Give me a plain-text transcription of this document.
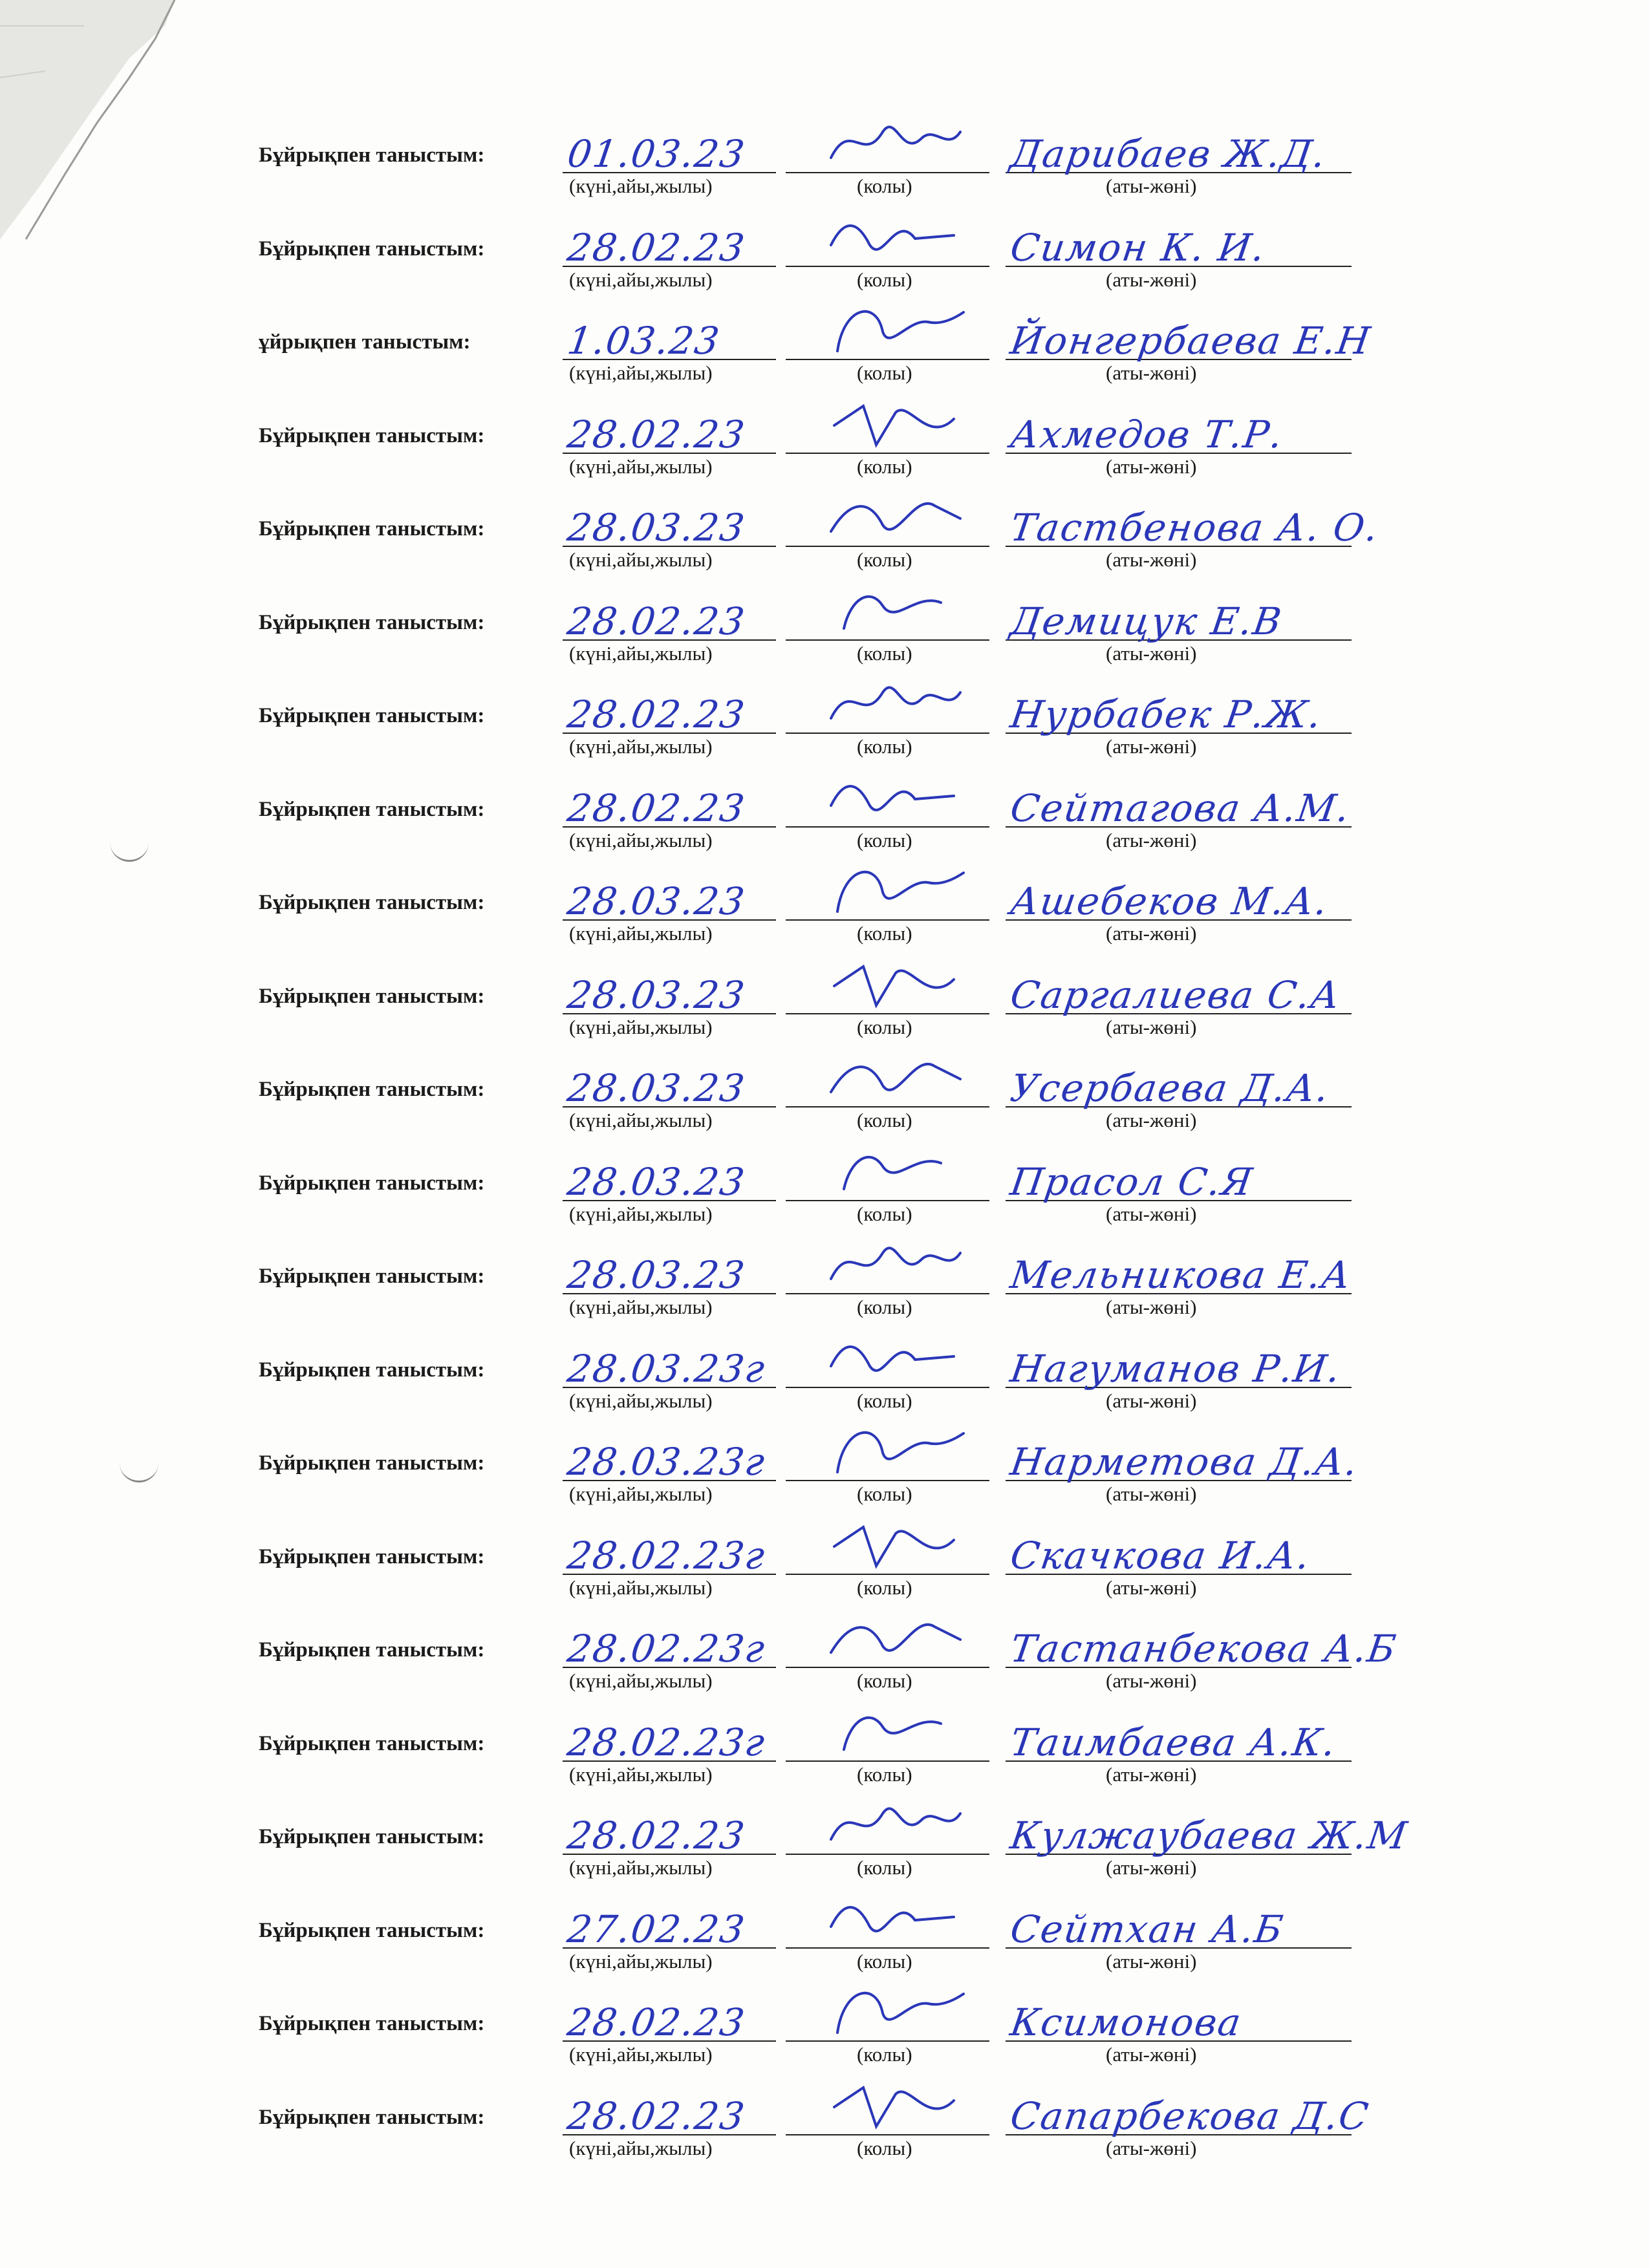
Бұйрықпен таныстым: 01.03.23	Дарибаев Ж.Д.
(күні,айы,жылы)	(колы)	(аты-жөні)
Бұйрықпен таныстым: 28.02.23	Симон К. И.
(күні,айы,жылы)	(колы)	(аты-жөні)
ұйрықпен таныстым:	1.03.23	Йонгербаева Е.Н
(күні,айы,жылы)	(колы)	(аты-жөні)
Бұйрықпен таныстым: 28.02.23	Ахмедов Т.Р.
(күні,айы,жылы)	(колы)	(аты-жөні)
Бұйрықпен таныстым: 28.03.23	Тастбенова А. О.
(күні,айы,жылы)	(колы)	(аты-жөні)
Бұйрықпен таныстым: 28.02.23	Демицук Е.В
(күні,айы,жылы)	(колы)	(аты-жөні)
Бұйрықпен таныстым: 28.02.23	Нурбабек Р.Ж.
(күні,айы,жылы)	(колы)	(аты-жөні)
Бұйрықпен таныстым: 28.02.23	Сейтагова А.М.
(күні,айы,жылы)	(колы)	(аты-жөні)
Бұйрықпен таныстым: 28.03.23	Ашебеков М.А.
(күні,айы,жылы)	(колы)	(аты-жөні)
Бұйрықпен таныстым: 28.03.23	Саргалиева С.А
(күні,айы,жылы)	(колы)	(аты-жөні)
Бұйрықпен таныстым: 28.03.23	Усербаева Д.А.
(күні,айы,жылы)	(колы)	(аты-жөні)
Бұйрықпен таныстым: 28.03.23	Прасол С.Я
(күні,айы,жылы)	(колы)	(аты-жөні)
Бұйрықпен таныстым: 28.03.23	Мельникова Е.А
(күні,айы,жылы)	(колы)	(аты-жөні)
Бұйрықпен таныстым: 28.03.23г	Нагуманов Р.И.
(күні,айы,жылы)	(колы)	(аты-жөні)
Бұйрықпен таныстым: 28.03.23г	Нарметова Д.А.
(күні,айы,жылы)	(колы)	(аты-жөні)
Бұйрықпен таныстым: 28.02.23г	Скачкова И.А.
(күні,айы,жылы)	(колы)	(аты-жөні)
Бұйрықпен таныстым: 28.02.23г	Тастанбекова А.Б
(күні,айы,жылы)	(колы)	(аты-жөні)
Бұйрықпен таныстым: 28.02.23г	Таимбаева А.К.
(күні,айы,жылы)	(колы)	(аты-жөні)
Бұйрықпен таныстым: 28.02.23	Кулжаубаева Ж.М
(күні,айы,жылы)	(колы)	(аты-жөні)
Бұйрықпен таныстым: 27.02.23	Сейтхан А.Б
(күні,айы,жылы)	(колы)	(аты-жөні)
Бұйрықпен таныстым: 28.02.23	Ксимонова
(күні,айы,жылы)	(колы)	(аты-жөні)
Бұйрықпен таныстым: 28.02.23	Сапарбекова Д.С
(күні,айы,жылы)	(колы)	(аты-жөні)
